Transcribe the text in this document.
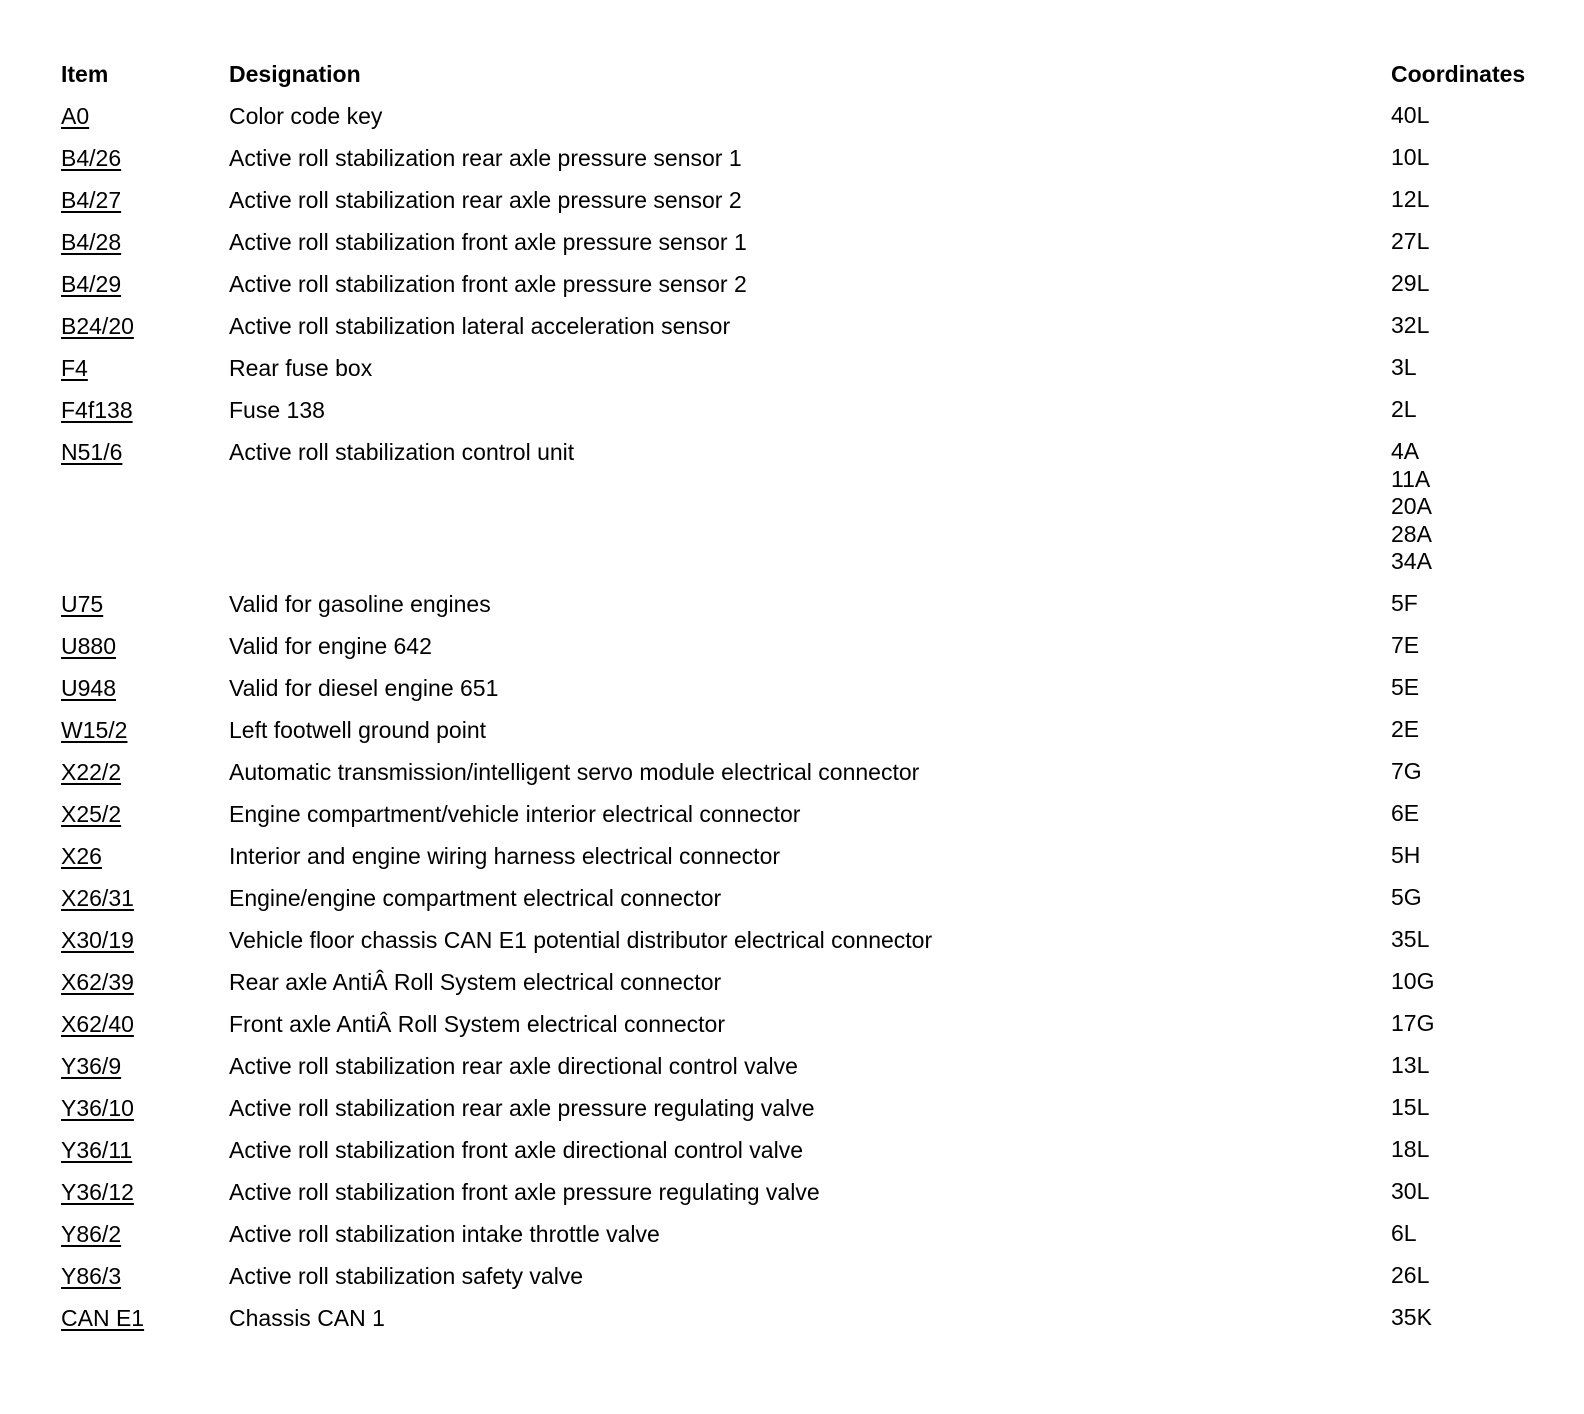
Item	Designation	Coordinates
A0	Color code key	40L
B4/26	Active roll stabilization rear axle pressure sensor 1	10L
B4/27	Active roll stabilization rear axle pressure sensor 2	12L
B4/28	Active roll stabilization front axle pressure sensor 1	27L
B4/29	Active roll stabilization front axle pressure sensor 2	29L
B24/20	Active roll stabilization lateral acceleration sensor	32L
F4	Rear fuse box	3L
F4f138	Fuse 138	2L
N51/6	Active roll stabilization control unit	4A
11A
20A
28A
34A
U75	Valid for gasoline engines	5F
U880	Valid for engine 642	7E
U948	Valid for diesel engine 651	5E
W15/2	Left footwell ground point	2E
X22/2	Automatic transmission/intelligent servo module electrical connector	7G
X25/2	Engine compartment/vehicle interior electrical connector	6E
X26	Interior and engine wiring harness electrical connector	5H
X26/31	Engine/engine compartment electrical connector	5G
X30/19	Vehicle floor chassis CAN E1 potential distributor electrical connector	35L
X62/39	Rear axle AntiÂ Roll System electrical connector	10G
X62/40	Front axle AntiÂ Roll System electrical connector	17G
Y36/9	Active roll stabilization rear axle directional control valve	13L
Y36/10	Active roll stabilization rear axle pressure regulating valve	15L
Y36/11	Active roll stabilization front axle directional control valve	18L
Y36/12	Active roll stabilization front axle pressure regulating valve	30L
Y86/2	Active roll stabilization intake throttle valve	6L
Y86/3	Active roll stabilization safety valve	26L
CAN E1	Chassis CAN 1	35K
